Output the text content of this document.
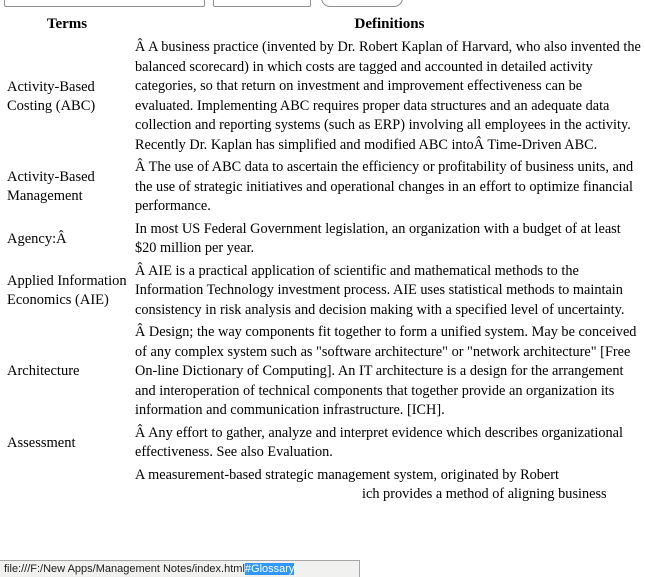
Terms	Definitions
Activity-Based Costing (ABC)	Â A business practice (invented by Dr. Robert Kaplan of Harvard, who also invented the balanced scorecard) in which costs are tagged and accounted in detailed activity categories, so that return on investment and improvement effectiveness can be evaluated. Implementing ABC requires proper data structures and an adequate data collection and reporting systems (such as ERP) involving all employees in the activity. Recently Dr. Kaplan has simplified and modified ABC intoÂ Time-Driven ABC.
Activity-Based Management	Â The use of ABC data to ascertain the efficiency or profitability of business units, and the use of strategic initiatives and operational changes in an effort to optimize financial performance.
Agency:Â	In most US Federal Government legislation, an organization with a budget of at least $20 million per year.
Applied Information Economics (AIE)	Â AIE is a practical application of scientific and mathematical methods to the Information Technology investment process. AIE uses statistical methods to maintain consistency in risk analysis and decision making with a specified level of uncertainty.
Architecture	Â Design; the way components fit together to form a unified system. May be conceived of any complex system such as "software architecture" or "network architecture" [Free On-line Dictionary of Computing]. An IT architecture is a design for the arrangement and interoperation of technical components that together provide an organization its information and communication infrastructure. [ICH].
Assessment	Â Any effort to gather, analyze and interpret evidence which describes organizational effectiveness. See also Evaluation.

	A measurement-based strategic management system, originated by Robert
ich provides a method of aligning business
file:///F:/New Apps/Management Notes/index.html #Glossary
